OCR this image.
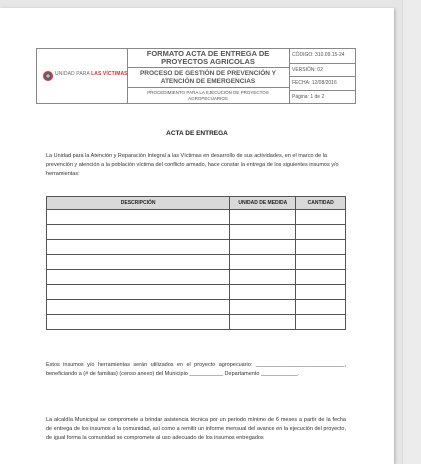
UNIDAD PARA LAS VÍCTIMAS
FORMATO ACTA DE ENTREGA DE PROYECTOS AGRICOLAS
PROCESO DE GESTIÓN DE PREVENCIÓN Y ATENCIÓN DE EMERGENCIAS
PROCEDIMIENTO PARA LA EJECUCIÓN DE PROYECTOS AGROPECUARIOS
CÓDIGO: 310.09.15-24
VERSIÓN: 02
FECHA: 12/08/2016
Página: 1 de 2
ACTA DE ENTREGA
La Unidad para la Atención y Reparación Integral a las Víctimas en desarrollo de sus actividades, en el marco de la prevención y atención a la población víctima del conflicto armado, hace constar la entrega de los siguientes insumos y/o herramientas:
DESCRIPCIÓN	UNIDAD DE MEDIDA	CANTIDAD

Estos insumos y/o herramientas serán utilizados en el proyecto agropecuario: _____________________________, beneficiando a (# de familias) (censo anexo) del Municipio ___________ Departamento ____________.
La alcaldía Municipal se compromete a brindar asistencia técnica por un periodo mínimo de 6 meses a partir de la fecha de entrega de los insumos a la comunidad, así como a remitir un informe mensual del avance en la ejecución del proyecto, de igual forma la comunidad se compromete al uso adecuado de los insumos entregados
